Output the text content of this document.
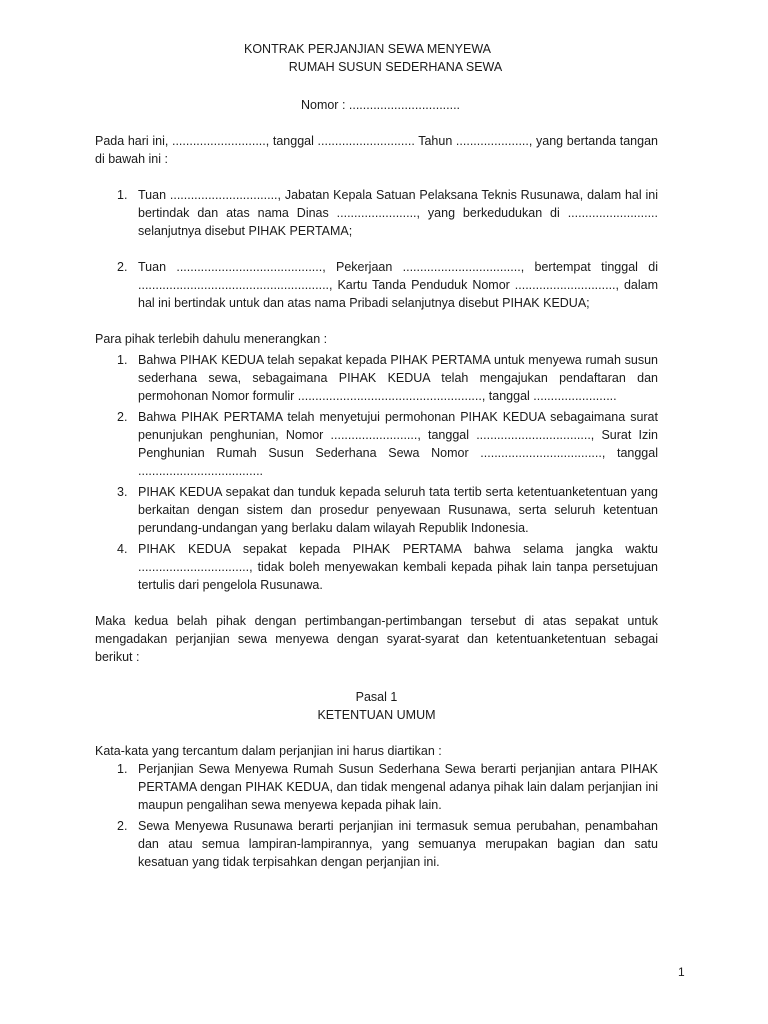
KONTRAK PERJANJIAN SEWA MENYEWA

RUMAH SUSUN SEDERHANA SEWA

Nomor : ................................

Pada hari ini, ..........................., tanggal ............................ Tahun ....................., yang bertanda tangan di bawah ini :

1. Tuan ..............................., Jabatan Kepala Satuan Pelaksana Teknis Rusunawa, dalam hal ini bertindak dan atas nama Dinas ......................., yang berkedudukan di .......................... selanjutnya disebut PIHAK PERTAMA;
2. Tuan .........................................., Pekerjaan .................................., bertempat tinggal di ......................................................., Kartu Tanda Penduduk Nomor ............................., dalam hal ini bertindak untuk dan atas nama Pribadi selanjutnya disebut PIHAK KEDUA;

Para pihak terlebih dahulu menerangkan :

1. Bahwa PIHAK KEDUA telah sepakat kepada PIHAK PERTAMA untuk menyewa rumah susun sederhana sewa, sebagaimana PIHAK KEDUA telah mengajukan pendaftaran dan permohonan Nomor formulir ....................................................., tanggal ........................
2. Bahwa PIHAK PERTAMA telah menyetujui permohonan PIHAK KEDUA sebagaimana surat penunjukan penghunian, Nomor ........................., tanggal ................................., Surat Izin Penghunian Rumah Susun Sederhana Sewa Nomor ..................................., tanggal ....................................
3. PIHAK KEDUA sepakat dan tunduk kepada seluruh tata tertib serta ketentuanketentuan yang berkaitan dengan sistem dan prosedur penyewaan Rusunawa, serta seluruh ketentuan perundang-undangan yang berlaku dalam wilayah Republik Indonesia.
4. PIHAK KEDUA sepakat kepada PIHAK PERTAMA bahwa selama jangka waktu ................................, tidak boleh menyewakan kembali kepada pihak lain tanpa persetujuan tertulis dari pengelola Rusunawa.

Maka kedua belah pihak dengan pertimbangan-pertimbangan tersebut di atas sepakat untuk mengadakan perjanjian sewa menyewa dengan syarat-syarat dan ketentuanketentuan sebagai berikut :

Pasal 1

KETENTUAN UMUM

Kata-kata yang tercantum dalam perjanjian ini harus diartikan :

1. Perjanjian Sewa Menyewa Rumah Susun Sederhana Sewa berarti perjanjian antara PIHAK PERTAMA dengan PIHAK KEDUA, dan tidak mengenal adanya pihak lain dalam perjanjian ini maupun pengalihan sewa menyewa kepada pihak lain.
2. Sewa Menyewa Rusunawa berarti perjanjian ini termasuk semua perubahan, penambahan dan atau semua lampiran-lampirannya, yang semuanya merupakan bagian dan satu kesatuan yang tidak terpisahkan dengan perjanjian ini.
1
